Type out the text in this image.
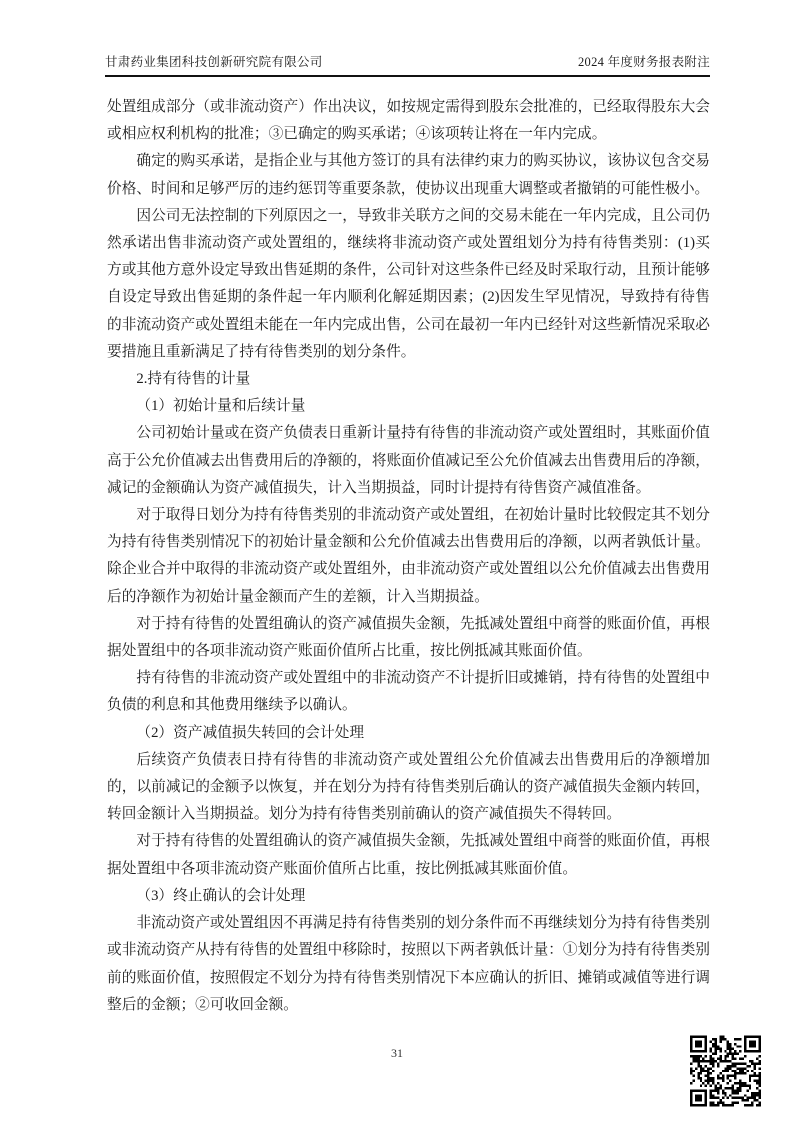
甘肃药业集团科技创新研究院有限公司	2024 年度财务报表附注

处置组成部分（或非流动资产）作出决议，如按规定需得到股东会批准的，已经取得股东大会或相应权利机构的批准；③已确定的购买承诺；④该项转让将在一年内完成。

确定的购买承诺，是指企业与其他方签订的具有法律约束力的购买协议，该协议包含交易价格、时间和足够严厉的违约惩罚等重要条款，使协议出现重大调整或者撤销的可能性极小。

因公司无法控制的下列原因之一，导致非关联方之间的交易未能在一年内完成，且公司仍然承诺出售非流动资产或处置组的，继续将非流动资产或处置组划分为持有待售类别：(1)买方或其他方意外设定导致出售延期的条件，公司针对这些条件已经及时采取行动，且预计能够自设定导致出售延期的条件起一年内顺利化解延期因素；(2)因发生罕见情况，导致持有待售的非流动资产或处置组未能在一年内完成出售，公司在最初一年内已经针对这些新情况采取必要措施且重新满足了持有待售类别的划分条件。

2.持有待售的计量

（1）初始计量和后续计量

公司初始计量或在资产负债表日重新计量持有待售的非流动资产或处置组时，其账面价值高于公允价值减去出售费用后的净额的，将账面价值减记至公允价值减去出售费用后的净额，减记的金额确认为资产减值损失，计入当期损益，同时计提持有待售资产减值准备。

对于取得日划分为持有待售类别的非流动资产或处置组，在初始计量时比较假定其不划分为持有待售类别情况下的初始计量金额和公允价值减去出售费用后的净额，以两者孰低计量。除企业合并中取得的非流动资产或处置组外，由非流动资产或处置组以公允价值减去出售费用后的净额作为初始计量金额而产生的差额，计入当期损益。

对于持有待售的处置组确认的资产减值损失金额，先抵减处置组中商誉的账面价值，再根据处置组中的各项非流动资产账面价值所占比重，按比例抵减其账面价值。

持有待售的非流动资产或处置组中的非流动资产不计提折旧或摊销，持有待售的处置组中负债的利息和其他费用继续予以确认。

（2）资产减值损失转回的会计处理

后续资产负债表日持有待售的非流动资产或处置组公允价值减去出售费用后的净额增加的，以前减记的金额予以恢复，并在划分为持有待售类别后确认的资产减值损失金额内转回，转回金额计入当期损益。划分为持有待售类别前确认的资产减值损失不得转回。

对于持有待售的处置组确认的资产减值损失金额，先抵减处置组中商誉的账面价值，再根据处置组中各项非流动资产账面价值所占比重，按比例抵减其账面价值。

（3）终止确认的会计处理

非流动资产或处置组因不再满足持有待售类别的划分条件而不再继续划分为持有待售类别或非流动资产从持有待售的处置组中移除时，按照以下两者孰低计量：①划分为持有待售类别前的账面价值，按照假定不划分为持有待售类别情况下本应确认的折旧、摊销或减值等进行调整后的金额；②可收回金额。

31
